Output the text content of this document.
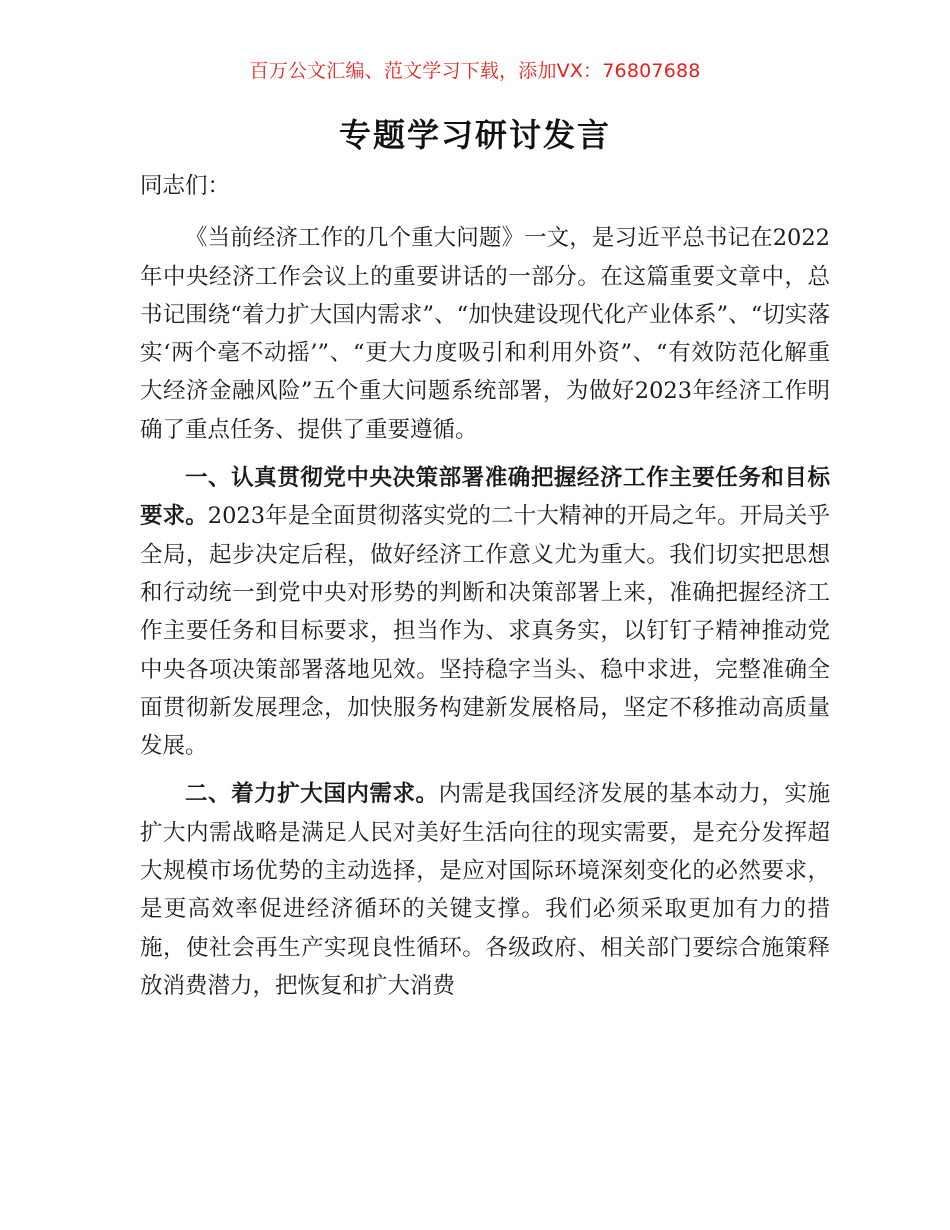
百万公文汇编、范文学习下载，添加VX：76807688
专题学习研讨发言

同志们：

《当前经济工作的几个重大问题》一文，是习近平总书记在2022年中央经济工作会议上的重要讲话的一部分。在这篇重要文章中，总书记围绕“着力扩大国内需求”、“加快建设现代化产业体系”、“切实落实‘两个毫不动摇’”、“更大力度吸引和利用外资”、“有效防范化解重大经济金融风险”五个重大问题系统部署，为做好2023年经济工作明确了重点任务、提供了重要遵循。

一、认真贯彻党中央决策部署准确把握经济工作主要任务和目标要求。2023年是全面贯彻落实党的二十大精神的开局之年。开局关乎全局，起步决定后程，做好经济工作意义尤为重大。我们切实把思想和行动统一到党中央对形势的判断和决策部署上来，准确把握经济工作主要任务和目标要求，担当作为、求真务实，以钉钉子精神推动党中央各项决策部署落地见效。坚持稳字当头、稳中求进，完整准确全面贯彻新发展理念，加快服务构建新发展格局，坚定不移推动高质量发展。

二、着力扩大国内需求。内需是我国经济发展的基本动力，实施扩大内需战略是满足人民对美好生活向往的现实需要，是充分发挥超大规模市场优势的主动选择，是应对国际环境深刻变化的必然要求，是更高效率促进经济循环的关键支撑。我们必须采取更加有力的措施，使社会再生产实现良性循环。各级政府、相关部门要综合施策释放消费潜力，把恢复和扩大消费
